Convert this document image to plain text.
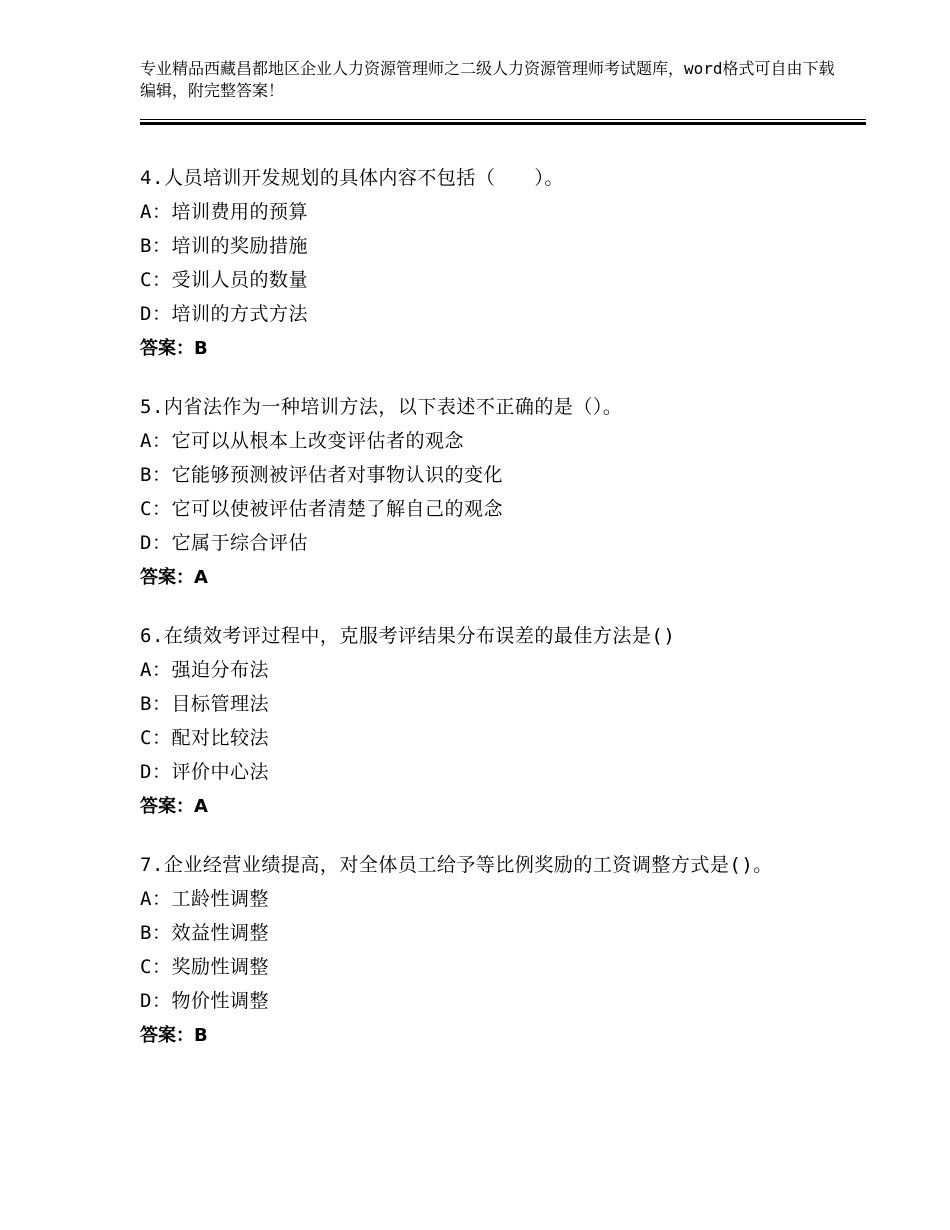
专业精品西藏昌都地区企业人力资源管理师之二级人力资源管理师考试题库，word格式可自由下载编辑，附完整答案！
4.人员培训开发规划的具体内容不包括（　　）。
A：培训费用的预算
B：培训的奖励措施
C：受训人员的数量
D：培训的方式方法
答案：B
5.内省法作为一种培训方法，以下表述不正确的是（）。
A：它可以从根本上改变评估者的观念
B：它能够预测被评估者对事物认识的变化
C：它可以使被评估者清楚了解自己的观念
D：它属于综合评估
答案：A
6.在绩效考评过程中，克服考评结果分布误差的最佳方法是()
A：强迫分布法
B：目标管理法
C：配对比较法
D：评价中心法
答案：A
7.企业经营业绩提高，对全体员工给予等比例奖励的工资调整方式是()。
A：工龄性调整
B：效益性调整
C：奖励性调整
D：物价性调整
答案：B
